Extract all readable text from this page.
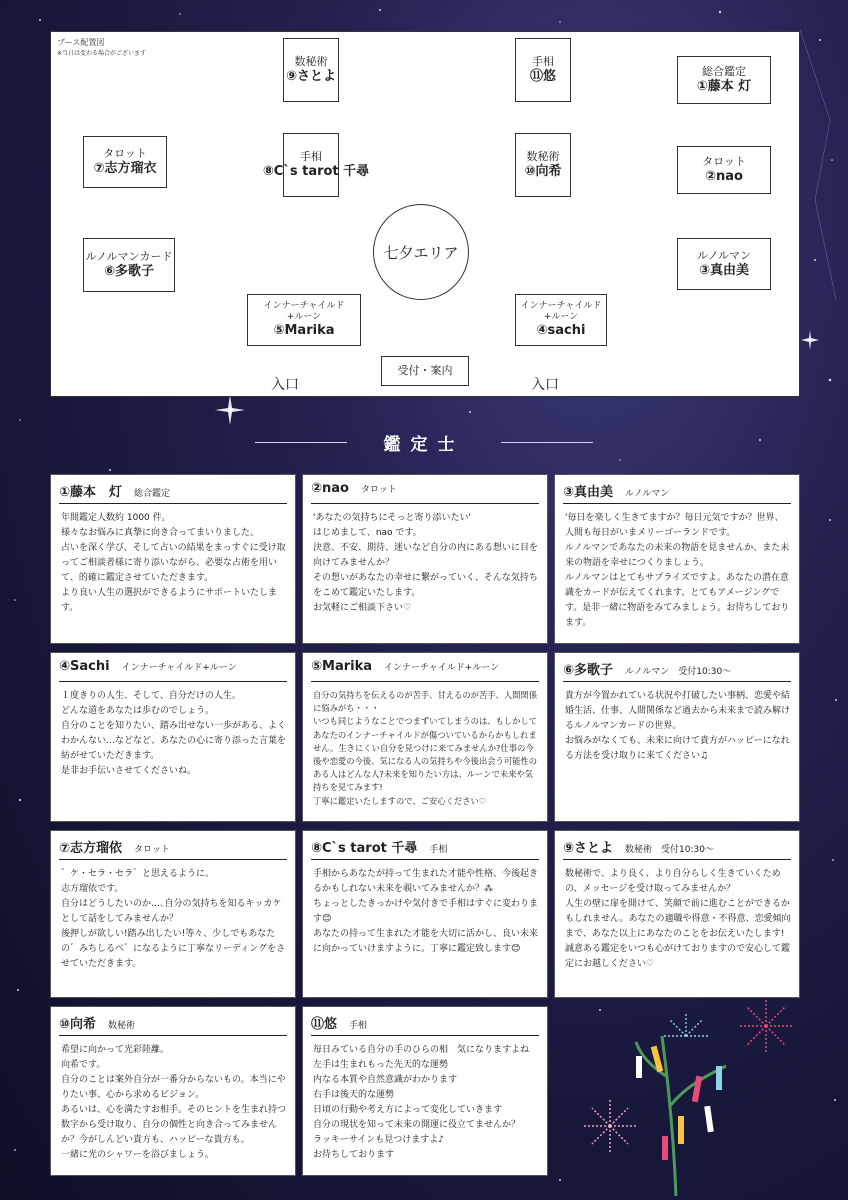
ブース配置図
※当日は変わる場合がございます
数秘術
⑨さとよ
手相
⑪悠	総合鑑定
①藤本 灯
タロット
⑦志方瑠衣
手相
⑧C`s tarot 千尋
数秘術
⑩向希
タロット
②nao
七夕エリア
ルノルマンカード
⑥多歌子
ルノルマン
③真由美
インナーチャイルド
+ルーン
⑤Marika
インナーチャイルド
+ルーン
④sachi
受付・案内
入口	入口
鑑定士
①藤本　灯 総合鑑定
年間鑑定人数約 1000 件。
様々なお悩みに真摯に向き合ってまいりました。
占いを深く学び、そして占いの結果をまっすぐに受け取ってご相談者様に寄り添いながら、必要な占術を用いて、的確に鑑定させていただきます。
より良い人生の選択ができるようにサポートいたします。
②nao タロット
'あなたの気持ちにそっと寄り添いたい'
はじめまして、nao です。
決意、不安、期待、迷いなど自分の内にある想いに目を向けてみませんか？
その想いがあなたの幸せに繋がっていく、そんな気持ちをこめて鑑定いたします。
お気軽にご相談下さい♡
③真由美 ルノルマン
'毎日を楽しく生きてますか？毎日元気ですか？世界、人間も毎日がいまメリーゴーランドです。
ルノルマンであなたの未来の物語を見ませんか、また未来の物語を幸せにつくりましょう。
ルノルマンはとてもサプライズですよ。あなたの潜在意識をカードが伝えてくれます、とてもアメージングです。是非一緒に物語をみてみましょう。お待ちしております。
④Sachi インナーチャイルド+ルーン
１度きりの人生、そして、自分だけの人生。
どんな道をあなたは歩むのでしょう。
自分のことを知りたい、踏み出せない一歩がある、よくわかんない…などなど、あなたの心に寄り添った言葉を紡がせていただきます。
是非お手伝いさせてくださいね。
⑤Marika インナーチャイルド+ルーン
自分の気持ちを伝えるのが苦手、甘えるのが苦手、人間関係に悩みがち・・・
いつも同じようなことでつまずいてしまうのは、もしかしてあなたのインナーチャイルドが傷ついているからかもしれません。生きにくい自分を見つけに来てみませんか?仕事の今後や恋愛の今後、気になる人の気持ちや今後出会う可能性のある人はどんな人?未来を知りたい方は、ルーンで未来や気持ちを見てみます!
丁寧に鑑定いたしますので、ご安心ください♡
⑥多歌子 ルノルマン　受付10:30～
貴方が今置かれている状況や打破したい事柄、恋愛や結婚生活、仕事、人間関係など過去から未来まで読み解けるルノルマンカードの世界。
お悩みがなくても、未来に向けて貴方がハッピーになれる方法を受け取りに来てください♫
⑦志方瑠依 タロット
゛ケ・セラ・セラ゛と思えるように。
志方瑠依です。
自分はどうしたいのか…､自分の気持ちを知るキッカケとして話をしてみませんか？
後押しが欲しい!踏み出したい!等々、少しでもあなたの゛みちしるべ゛になるように丁寧なリーディングをさせていただきます。
⑧C`s tarot 千尋 手相
手相からあなたが持って生まれた才能や性格、今後起きるかもしれない未来を覗いてみませんか？⁂
ちょっとしたきっかけや気付きで手相はすぐに変わります😊
あなたの持って生まれた才能を大切に活かし、良い未来に向かっていけますように。丁寧に鑑定致します😊
⑨さとよ 数秘術　受付10:30～
数秘術で、より良く、より自分らしく生きていくための、メッセージを受け取ってみませんか？
人生の壁に扉を開けて、笑顔で前に進むことができるかもしれません。あなたの適職や得意・不得意、恋愛傾向まで、あなた以上にあなたのことをお伝えいたします!
誠意ある鑑定をいつも心がけておりますので安心して鑑定にお越しください♡
⑩向希 数秘術
希望に向かって光彩陸離。
向希です。
自分のことは案外自分が一番分からないもの。本当にやりたい事、心から求めるビジョン。
あるいは、心を満たすお相手。そのヒントを生まれ持つ数字から受け取り、自分の個性と向き合ってみませんか？今がしんどい貴方も、ハッピーな貴方も。
一緒に光のシャワーを浴びましょう。
⑪悠 手相
毎日みている自分の手のひらの相　気になりますよね
左手は生まれもった先天的な運勢
内なる本質や自然意識がわかります
右手は後天的な運勢
日頃の行動や考え方によって変化していきます
自分の現状を知って未来の開運に役立てませんか？
ラッキーサインも見つけますよ♪
お待ちしております
